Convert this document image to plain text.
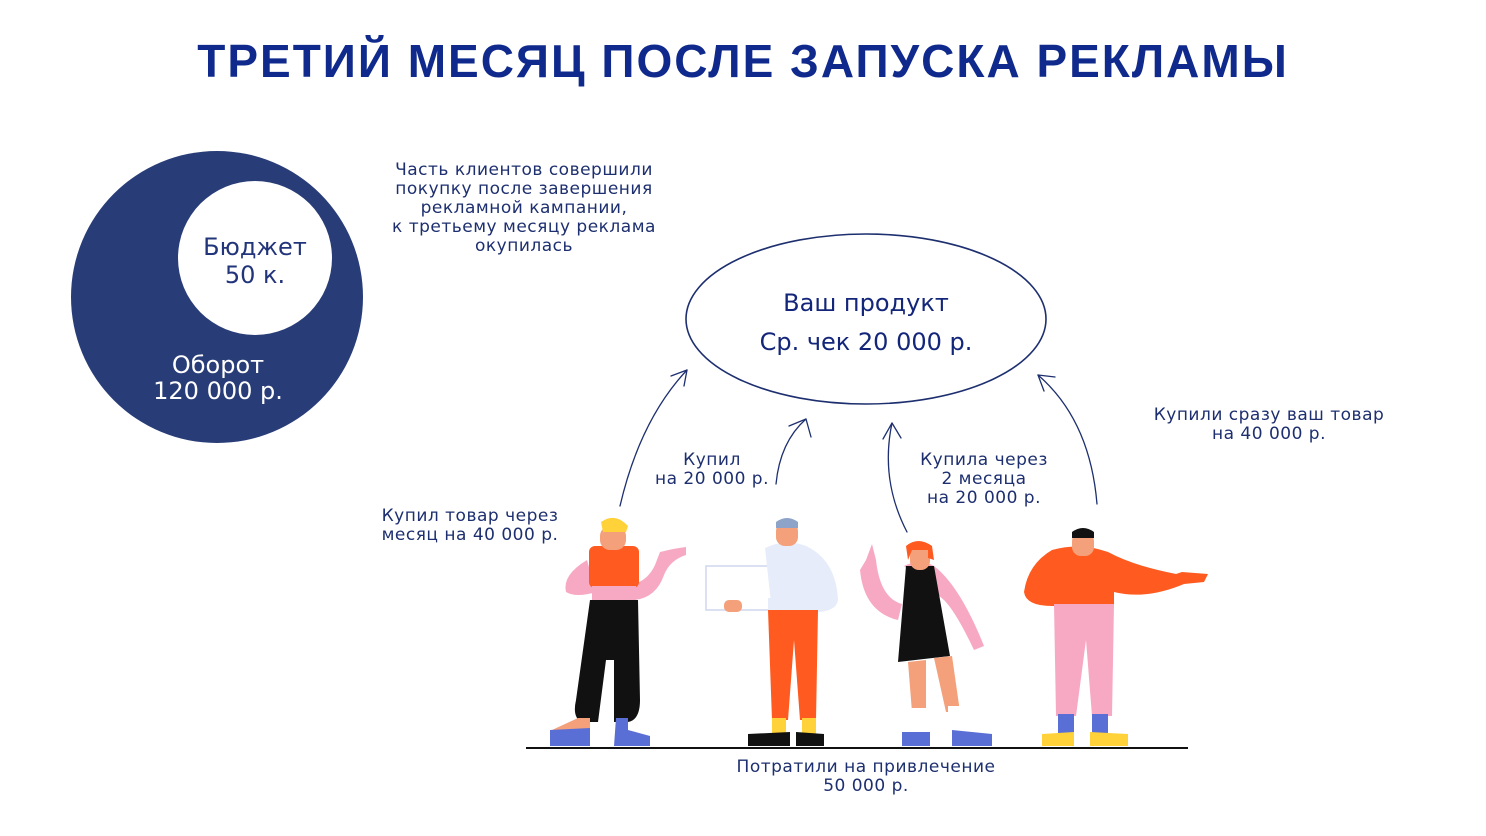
ТРЕТИЙ МЕСЯЦ ПОСЛЕ ЗАПУСКА РЕКЛАМЫ
Бюджет
50 к.
Оборот
120 000 р.
Часть клиентов совершили
покупку после завершения
рекламной кампании,
к третьему месяцу реклама
окупилась
Ваш продукт
Ср. чек 20 000 р.
Купил товар через
месяц на 40 000 р.
Купил
на 20 000 р.
Купила через
2 месяца
на 20 000 р.
Купили сразу ваш товар
на 40 000 р.
Потратили на привлечение
50 000 р.
